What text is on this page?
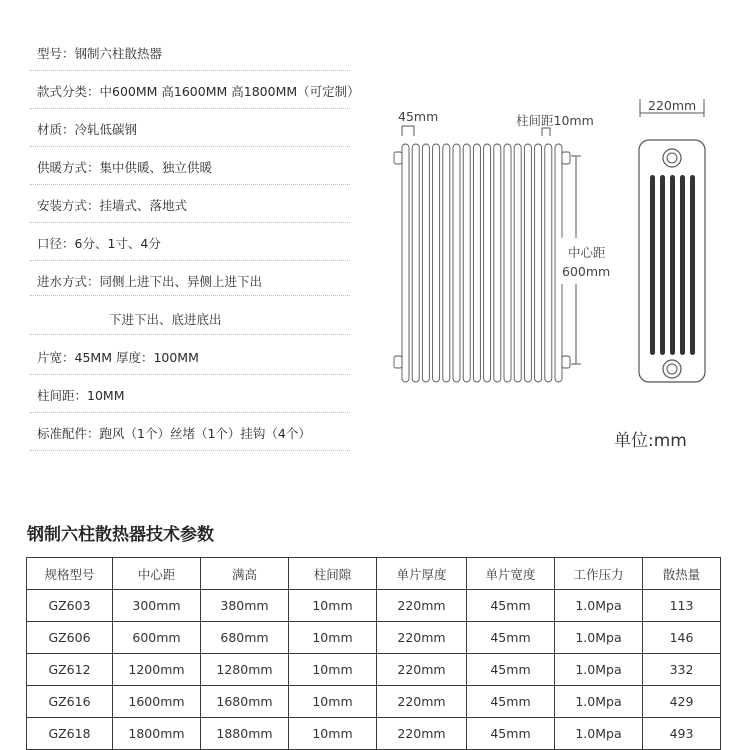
型号：钢制六柱散热器
款式分类：中600MM 高1600MM 高1800MM（可定制）
材质：冷轧低碳钢
供暖方式：集中供暖、独立供暖
安装方式：挂墙式、落地式
口径：6分、1寸、4分
进水方式：同侧上进下出、异侧上进下出
下进下出、底进底出
片宽：45MM 厚度：100MM
柱间距：10MM
标准配件：跑风（1个）丝堵（1个）挂钩（4个）
45mm	柱间距10mm
中心距
600mm
220mm
单位:mm
钢制六柱散热器技术参数
规格型号	中心距	满高	柱间隙	单片厚度	单片宽度	工作压力	散热量
GZ603	300mm	380mm	10mm	220mm	45mm	1.0Mpa	113
GZ606	600mm	680mm	10mm	220mm	45mm	1.0Mpa	146
GZ612	1200mm	1280mm	10mm	220mm	45mm	1.0Mpa	332
GZ616	1600mm	1680mm	10mm	220mm	45mm	1.0Mpa	429
GZ618	1800mm	1880mm	10mm	220mm	45mm	1.0Mpa	493
